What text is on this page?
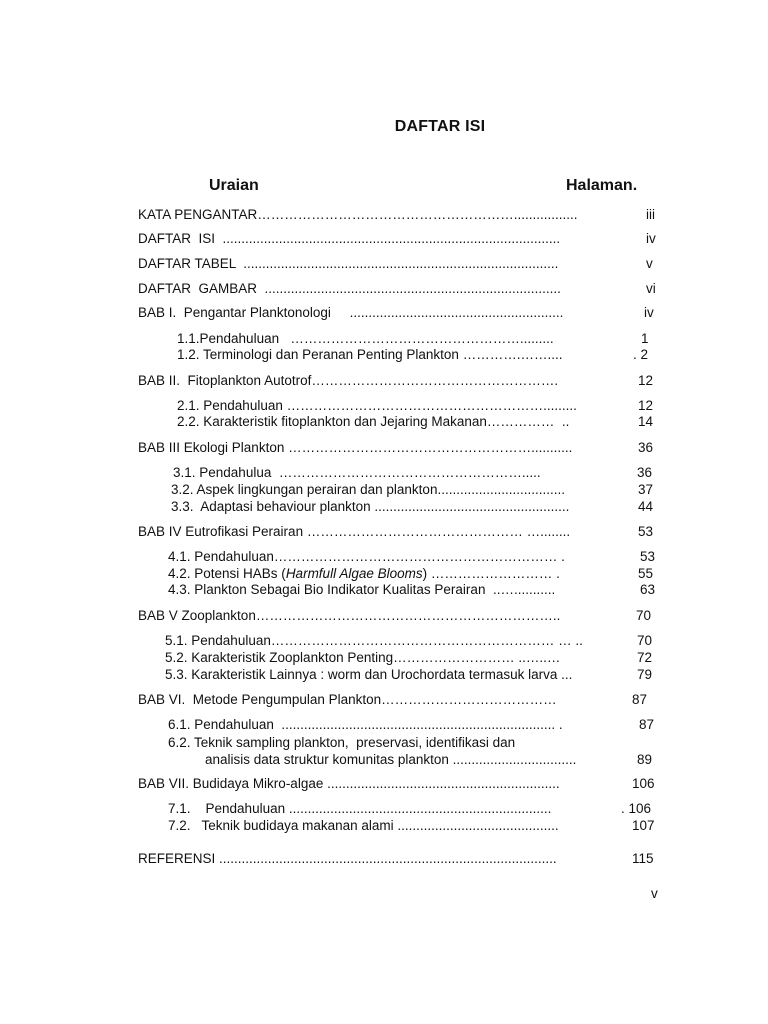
DAFTAR ISI
Uraian	Halaman.
KATA PENGANTAR………………………………………………….................	iii
DAFTAR  ISI  ..........................................................................................	iv
DAFTAR TABEL  ....................................................................................	v
DAFTAR  GAMBAR  ...............................................................................	vi
BAB I.  Pengantar Planktonologi     .........................................................	iv
1.1.Pendahuluan   …………………………………………….........	1
1.2. Terminologi dan Peranan Penting Plankton ………….……....	. 2
BAB II.  Fitoplankton Autotrof……………………………………………….	12
2.1. Pendahuluan ………………………………………………….........	12
2.2. Karakteristik fitoplankton dan Jejaring Makanan……………  ..	14
BAB III Ekologi Plankton ………………………………………………...........	36
3.1. Pendahulua  ……………………………………………….....	36
3.2. Aspek lingkungan perairan dan plankton..................................	37
3.3.  Adaptasi behaviour plankton ....................................................	44
BAB IV Eutrofikasi Perairan ………………………………………… …........	53
4.1. Pendahuluan……………………………………………………… .	53
4.2. Potensi HABs (Harmfull Algae Blooms) ……………………… .	55
4.3. Plankton Sebagai Bio Indikator Kualitas Perairan  ..…...........	63
BAB V Zooplankton…………………………………………………………..	70
5.1. Pendahuluan……………………………………………………… … ..	70
5.2. Karakteristik Zooplankton Penting……………………… ..…..…	72
5.3. Karakteristik Lainnya : worm dan Urochordata termasuk larva ...	79
BAB VI.  Metode Pengumpulan Plankton…………………………………	87
6.1. Pendahuluan  ......................................................................... .	87
6.2. Teknik sampling plankton,  preservasi, identifikasi dan
analisis data struktur komunitas plankton .................................	89
BAB VII. Budidaya Mikro-algae ..............................................................	106
7.1.    Pendahuluan ......................................................................	. 106
7.2.   Teknik budidaya makanan alami ...........................................	107
REFERENSI ..........................................................................................	115
v
